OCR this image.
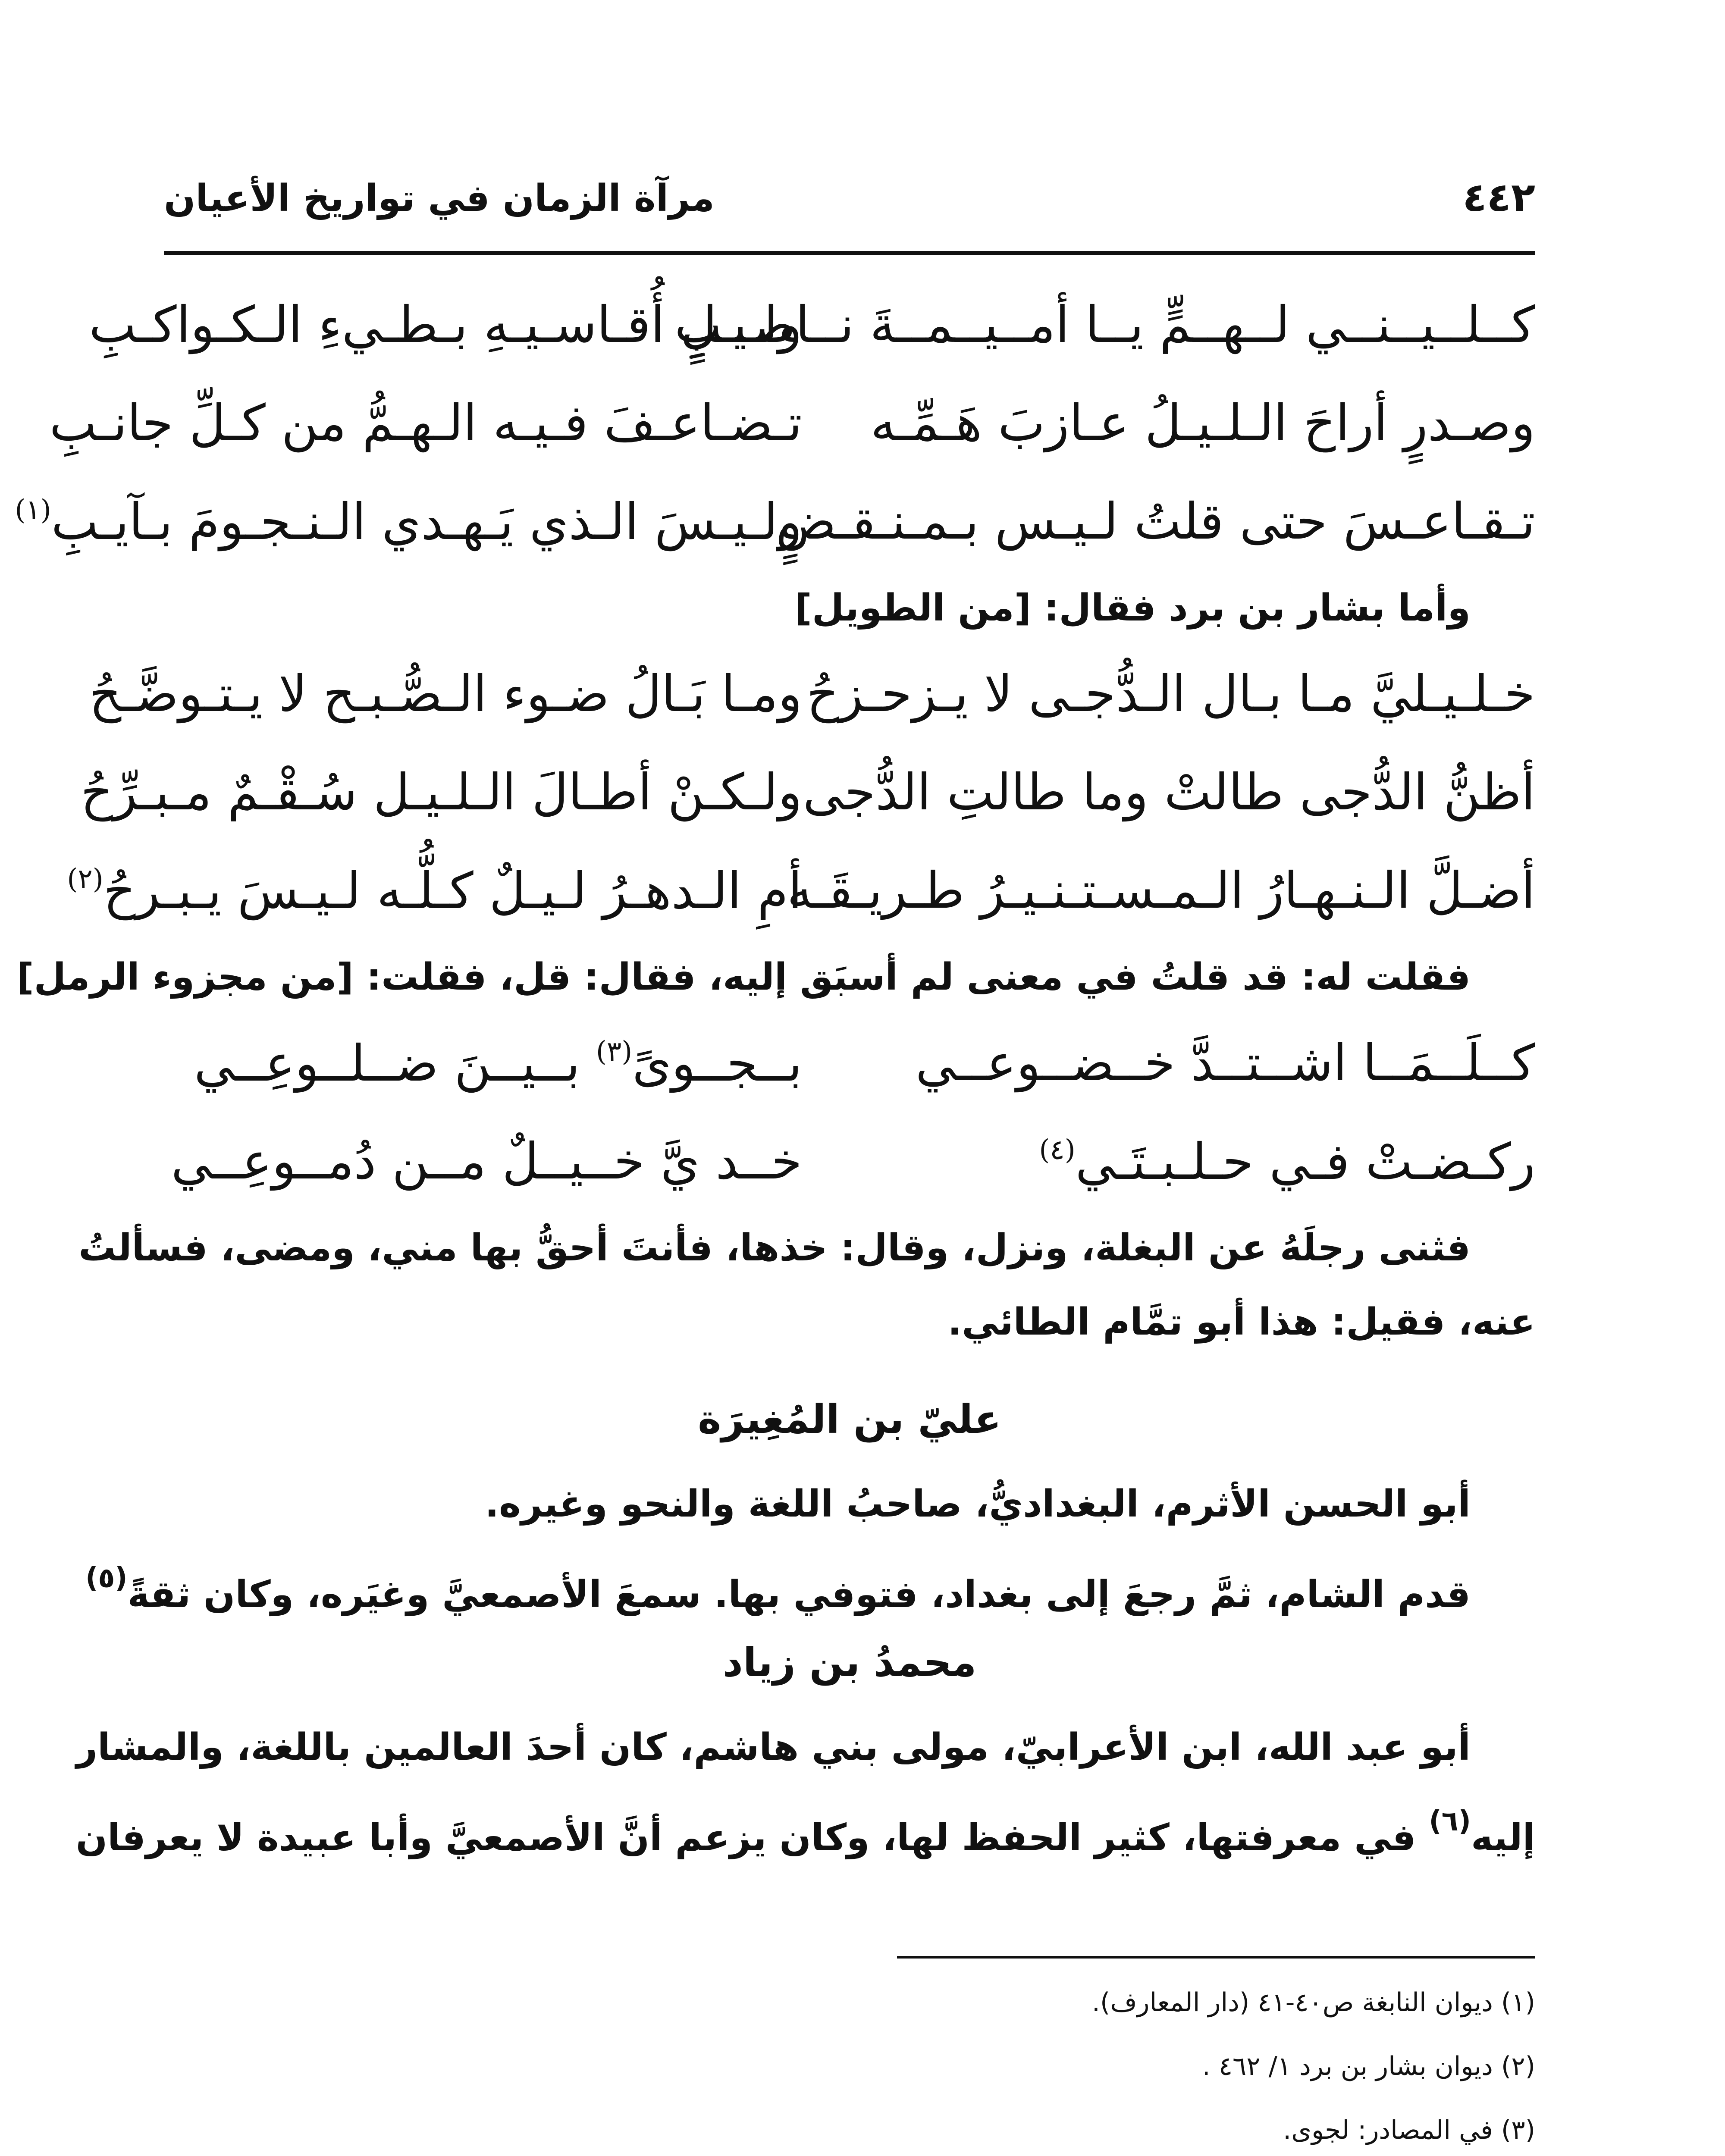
مرآة الزمان في تواريخ الأعيان	٤٤٢
كــلــيــنــي لــهــمٍّ يــا أمــيــمــةَ نــاصــبِ
ولـيـلٍ أُقـاسـيـهِ بـطـيءِ الـكـواكـبِ
وصـدرٍ أراحَ الـلـيـلُ عـازبَ هَـمِّـه
تـضـاعـفَ فـيـه الـهـمُّ من كـلِّ جانـبِ
تـقـاعـسَ حتى قلتُ لـيـس بـمـنـقـضٍ
ولـيـسَ الـذي يَـهـدي الـنـجـومَ بـآيـبِ$^{(١)}$
وأما بشار بن برد فقال: [من الطويل]
خـلـيـليَّ مـا بـال الـدُّجـى لا يـزحـزحُ
ومـا بَـالُ ضـوء الـصُّـبـح لا يـتـوضَّـحُ
أظنُّ الدُّجى طالتْ وما طالتِ الدُّجى
ولـكـنْ أطـالَ الـلـيـل سُـقْـمٌ مـبـرِّحُ
أضـلَّ الـنـهـارُ الـمـسـتـنـيـرُ طـريـقَـه
أمِ الـدهـرُ لـيـلٌ كـلُّـه لـيـسَ يـبـرحُ$^{(٢)}$
فقلت له: قد قلتُ في معنى لم أسبَق إليه، فقال: قل، فقلت: [من مجزوء الرمل]
كــلَــمَــا اشــتــدَّ خــضــوعــي
بــجــوىً$^{(٣)}$ بــيــنَ ضــلــوعِــي
ركـضـتْ فـي حـلـبـتَـي$^{(٤)}$
خــد يَّ خــيــلٌ مــن دُمــوعِــي
فثنى رجلَهُ عن البغلة، ونزل، وقال: خذها، فأنتَ أحقُّ بها مني، ومضى، فسألتُ
عنه، فقيل: هذا أبو تمَّام الطائي.
عليّ بن المُغِيرَة
أبو الحسن الأثرم، البغداديُّ، صاحبُ اللغة والنحو وغيره.
قدم الشام، ثمَّ رجعَ إلى بغداد، فتوفي بها. سمعَ الأصمعيَّ وغيَره، وكان ثقةً$^{(٥)}$
محمدُ بن زياد
أبو عبد الله، ابن الأعرابيّ، مولى بني هاشم، كان أحدَ العالمين باللغة، والمشار
إليه$^{(٦)}$ في معرفتها، كثير الحفظ لها، وكان يزعم أنَّ الأصمعيَّ وأبا عبيدة لا يعرفان
(١) ديوان النابغة ص٤٠-٤١ (دار المعارف).
(٢) ديوان بشار بن برد ١/ ٤٦٢ .
(٣) في المصادر: لجوى.
